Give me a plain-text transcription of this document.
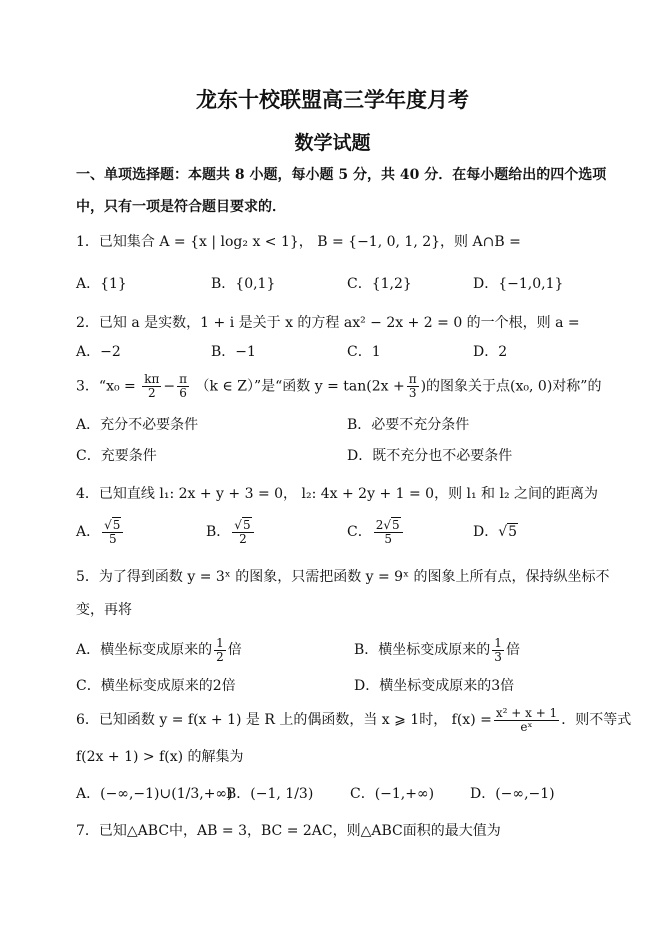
龙东十校联盟高三学年度月考
数学试题
一、单项选择题：本题共 8 小题，每小题 5 分，共 40 分．在每小题给出的四个选项
中，只有一项是符合题目要求的．
1．已知集合 A = {x | log₂ x < 1}， B = {−1, 0, 1, 2}，则 A∩B =
A．{1}	B．{0,1}	C．{1,2}	D．{−1,0,1}
2．已知 a 是实数，1 + i 是关于 x 的方程 ax² − 2x + 2 = 0 的一个根，则 a =
A．−2	B．−1	C．1	D．2
3．“$x_0 = \frac{k\pi}{2} - \frac{\pi}{6} (k$ ∈ Z）”是“函数 $y = \tan(2x + \frac{\pi}{3}$ )的图象关于点(x₀, 0)对称”的
A．充分不必要条件	B．必要不充分条件
C．充要条件	D．既不充分也不必要条件
4．已知直线 l₁: 2x + y + 3 = 0， l₂: 4x + 2y + 1 = 0，则 l₁ 和 l₂ 之间的距离为
A． $\frac{√5}{5}$	B． $\frac{√5}{2}$	C． $\frac{2√5}{5}$	D．√5
5．为了得到函数 y = 3ˣ 的图象，只需把函数 y = 9ˣ 的图象上所有点，保持纵坐标不
变，再将
A．横坐标变成原来的 $\frac{1}{2}$ 倍	B．横坐标变成原来的 $\frac{1}{3}$ 倍
C．横坐标变成原来的2倍	D．横坐标变成原来的3倍
6．已知函数 y = f(x + 1) 是 R 上的偶函数，当 x ⩾ 1时， $f(x) = \frac{\text{x² + x + 1}}{\text{eˣ}}$ ．则不等式
f(2x + 1) > f(x) 的解集为
A．(−∞,−1)∪(1/3,+∞)
B．(−1, 1/3)	C．(−1,+∞)	D．(−∞,−1)
7．已知△ABC中，AB = 3，BC = 2AC，则△ABC面积的最大值为
